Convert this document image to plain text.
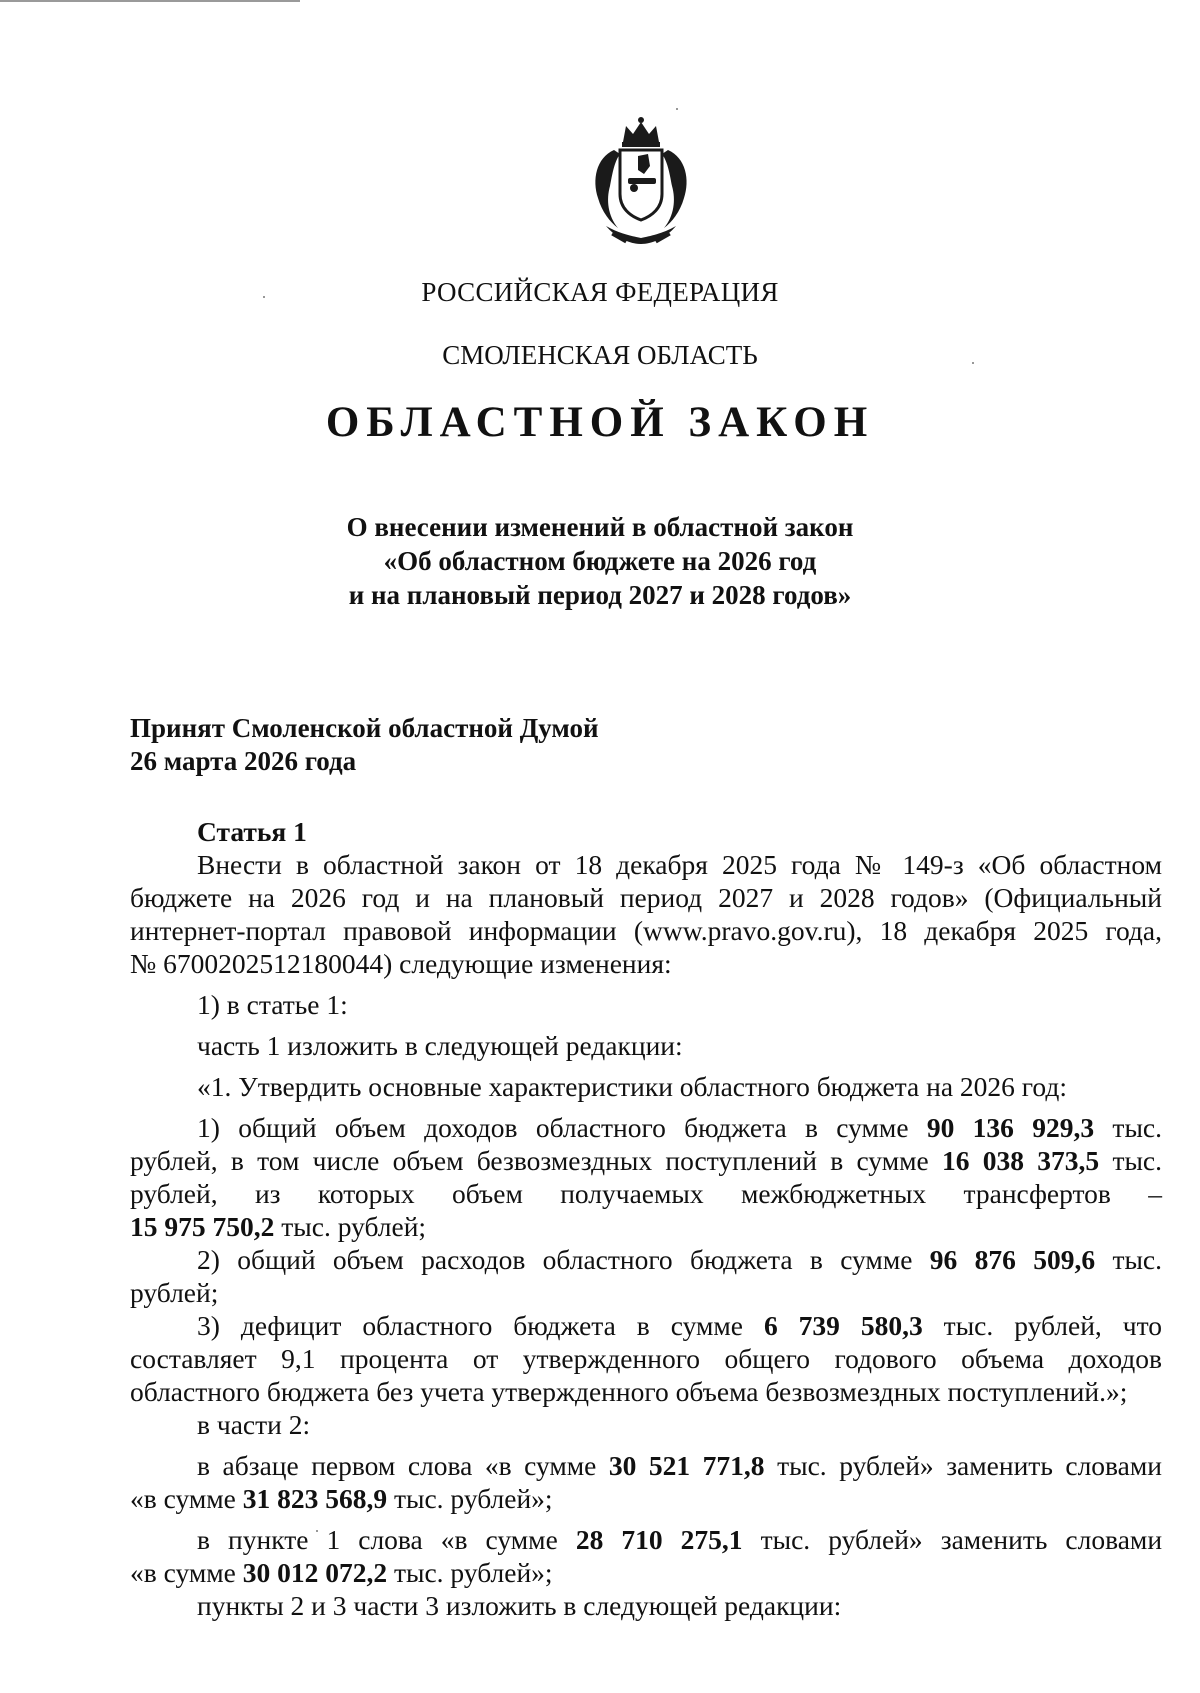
РОССИЙСКАЯ ФЕДЕРАЦИЯ
СМОЛЕНСКАЯ ОБЛАСТЬ
ОБЛАСТНОЙ ЗАКОН
О внесении изменений в областной закон
«Об областном бюджете на 2026 год
и на плановый период 2027 и 2028 годов»
Принят Смоленской областной Думой
26 марта 2026 года
Статья 1
Внести в областной закон от 18 декабря 2025 года № 149-з «Об областном
бюджете на 2026 год и на плановый период 2027 и 2028 годов» (Официальный
интернет-портал правовой информации (www.pravo.gov.ru), 18 декабря 2025 года,
№ 6700202512180044) следующие изменения:
1) в статье 1:
часть 1 изложить в следующей редакции:
«1. Утвердить основные характеристики областного бюджета на 2026 год:
1) общий объем доходов областного бюджета в сумме 90 136 929,3 тыс.
рублей, в том числе объем безвозмездных поступлений в сумме 16 038 373,5 тыс.
рублей, из которых объем получаемых межбюджетных трансфертов –
15 975 750,2 тыс. рублей;
2) общий объем расходов областного бюджета в сумме 96 876 509,6 тыс.
рублей;
3) дефицит областного бюджета в сумме 6 739 580,3 тыс. рублей, что
составляет 9,1 процента от утвержденного общего годового объема доходов
областного бюджета без учета утвержденного объема безвозмездных поступлений.»;
в части 2:
в абзаце первом слова «в сумме 30 521 771,8 тыс. рублей» заменить словами
«в сумме 31 823 568,9 тыс. рублей»;
в пункте 1 слова «в сумме 28 710 275,1 тыс. рублей» заменить словами
«в сумме 30 012 072,2 тыс. рублей»;
пункты 2 и 3 части 3 изложить в следующей редакции:
